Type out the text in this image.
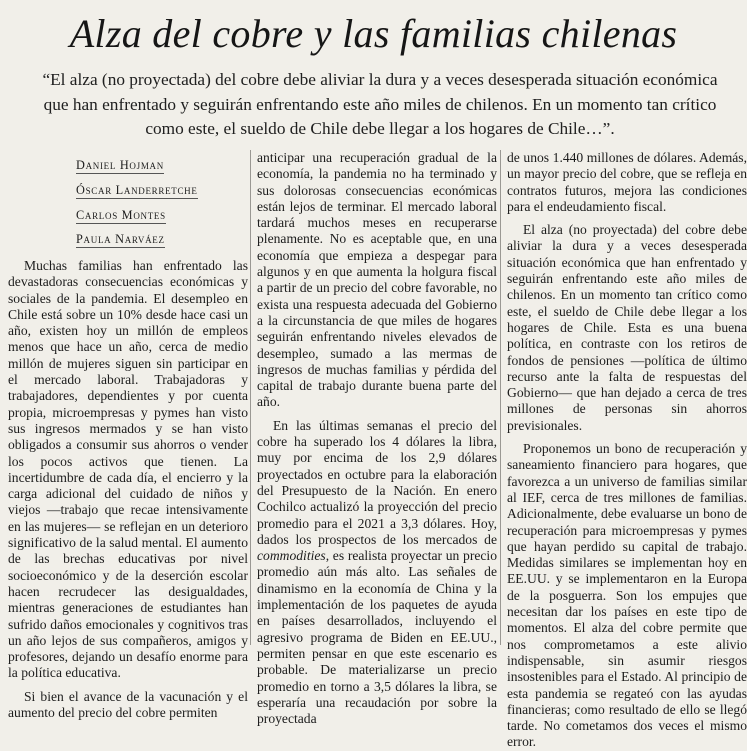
Alza del cobre y las familias chilenas
“El alza (no proyectada) del cobre debe aliviar la dura y a veces desesperada situación económica que han enfrentado y seguirán enfrentando este año miles de chilenos. En un momento tan crítico como este, el sueldo de Chile debe llegar a los hogares de Chile…”.
Daniel Hojman
Óscar Landerretche
Carlos Montes
Paula Narváez

Muchas familias han enfrentado las devastadoras consecuencias económicas y sociales de la pandemia. El desempleo en Chile está sobre un 10% desde hace casi un año, existen hoy un millón de empleos menos que hace un año, cerca de medio millón de mujeres siguen sin participar en el mercado laboral. Trabajadoras y trabajadores, dependientes y por cuenta propia, microempresas y pymes han visto sus ingresos mermados y se han visto obligados a consumir sus ahorros o vender los pocos activos que tienen. La incertidumbre de cada día, el encierro y la carga adicional del cuidado de niños y viejos —trabajo que recae intensivamente en las mujeres— se reflejan en un deterioro significativo de la salud mental. El aumento de las brechas educativas por nivel socioeconómico y de la deserción escolar hacen recrudecer las desigualdades, mientras generaciones de estudiantes han sufrido daños emocionales y cognitivos tras un año lejos de sus compañeros, amigos y profesores, dejando un desafío enorme para la política educativa.

Si bien el avance de la vacunación y el aumento del precio del cobre permiten

anticipar una recuperación gradual de la economía, la pandemia no ha terminado y sus dolorosas consecuencias económicas están lejos de terminar. El mercado laboral tardará muchos meses en recuperarse plenamente. No es aceptable que, en una economía que empieza a despegar para algunos y en que aumenta la holgura fiscal a partir de un precio del cobre favorable, no exista una respuesta adecuada del Gobierno a la circunstancia de que miles de hogares seguirán enfrentando niveles elevados de desempleo, sumado a las mermas de ingresos de muchas familias y pérdida del capital de trabajo durante buena parte del año.

En las últimas semanas el precio del cobre ha superado los 4 dólares la libra, muy por encima de los 2,9 dólares proyectados en octubre para la elaboración del Presupuesto de la Nación. En enero Cochilco actualizó la proyección del precio promedio para el 2021 a 3,3 dólares. Hoy, dados los prospectos de los mercados de commodities, es realista proyectar un precio promedio aún más alto. Las señales de dinamismo en la economía de China y la implementación de los paquetes de ayuda en países desarrollados, incluyendo el agresivo programa de Biden en EE.UU., permiten pensar en que este escenario es probable. De materializarse un precio promedio en torno a 3,5 dólares la libra, se esperaría una recaudación por sobre la proyectada

de unos 1.440 millones de dólares. Además, un mayor precio del cobre, que se refleja en contratos futuros, mejora las condiciones para el endeudamiento fiscal.

El alza (no proyectada) del cobre debe aliviar la dura y a veces desesperada situación económica que han enfrentado y seguirán enfrentando este año miles de chilenos. En un momento tan crítico como este, el sueldo de Chile debe llegar a los hogares de Chile. Esta es una buena política, en contraste con los retiros de fondos de pensiones —política de último recurso ante la falta de respuestas del Gobierno— que han dejado a cerca de tres millones de personas sin ahorros previsionales.

Proponemos un bono de recuperación y saneamiento financiero para hogares, que favorezca a un universo de familias similar al IEF, cerca de tres millones de familias. Adicionalmente, debe evaluarse un bono de recuperación para microempresas y pymes que hayan perdido su capital de trabajo. Medidas similares se implementan hoy en EE.UU. y se implementaron en la Europa de la posguerra. Son los empujes que necesitan dar los países en este tipo de momentos. El alza del cobre permite que nos comprometamos a este alivio indispensable, sin asumir riesgos insostenibles para el Estado. Al principio de esta pandemia se regateó con las ayudas financieras; como resultado de ello se llegó tarde. No cometamos dos veces el mismo error.
